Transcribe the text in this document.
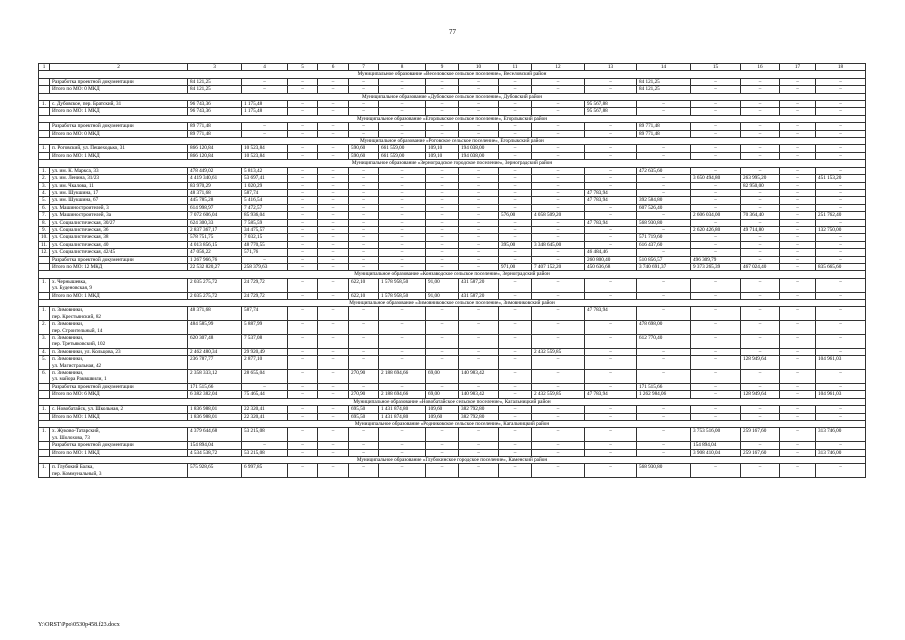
77
1	2	3	4	5	6	7	8	9	10	11	12	13	14	15	16	17	18
Муниципальное образование «Веселовское сельское поселение», Веселовский район																	
	Разработка проектной документации	84 121,25	–	–	–	–	–	–	–	–	–	–	84 121,25	–	–	–	–
	Итого по МО: 0 МКД	84 121,25	–	–	–	–	–	–	–	–	–	–	84 121,25	–	–	–	–
Муниципальное образование «Дубовское сельское поселение», Дубовский район																	
1.	с. Дубовское, пер. Братский, 31	96 743,36	1 175,48	–	–	–	–	–	–	–	–	95 567,88	–	–	–	–	–
	Итого по МО: 1 МКД	96 743,36	1 175,48	–	–	–	–	–	–	–	–	95 567,88	–	–	–	–	–
Муниципальное образование «Егорлыкское сельское поселение», Егорлыкский район																	
	Разработка проектной документации	89 771,48	–	–	–	–	–	–	–	–	–	–	89 771,48	–	–	–	–
	Итого по МО: 0 МКД	89 771,48	–	–	–	–	–	–	–	–	–	–	89 771,48	–	–	–	–
Муниципальное образование «Роговское сельское поселение», Егорлыкский район																	
1.	п. Роговский, ул. Пешеходько, 31	866 120,84	10 523,84	–	–	590,60	661 559,00	109,10	194 038,00	–	–	–	–	–	–	–	–
	Итого по МО: 1 МКД	866 120,84	10 523,84	–	–	590,60	661 559,00	109,10	194 038,00	–	–	–	–	–	–	–	–
Муниципальное образование «Зерноградское городское поселение», Зерноградский район																	
1.	ул. им. К. Маркса, 33	478 449,02	5 813,42	–	–	–	–	–	–	–	–	–	472 635,60	–	–	–	–
2.	ул. им. Ленина, 31/23	4 419 340,61	53 697,41	–	–	–	–	–	–	–	–	–	–	3 650 494,80	263 995,20	–	451 153,20
3.	ул. им. Чкалова, 11	83 970,29	1 020,29	–	–	–	–	–	–	–	–	–	–	–	82 950,00	–	–
4.	ул. им. Шукшина, 17	48 371,68	587,74	–	–	–	–	–	–	–	–	47 783,94	–	–	–	–	–
5.	ул. им. Шукшина, 67	445 785,28	5 416,54	–	–	–	–	–	–	–	–	47 783,94	392 584,80	–	–	–	–
6.	ул. Машиностроителей, 3	614 998,97	7 472,57	–	–	–	–	–	–	–	–	–	607 526,40	–	–	–	–
7.	ул. Машиностроителей, 3а	7 072 606,04	85 936,04	–	–	–	–	–	–	576,00	4 058 509,20	–	–	2 606 034,00	70 364,40	–	251 762,40
8.	ул. Социалистическая, 30/27	624 300,33	7 585,59	–	–	–	–	–	–	–	–	47 783,94	568 930,80	–	–	–	–
9.	ул. Социалистическая, 36	2 837 367,17	34 475,57	–	–	–	–	–	–	–	–	–	–	2 620 426,80	49 714,80	–	132 750,00
10.	ул. Социалистическая, 38	578 751,75	7 032,15	–	–	–	–	–	–	–	–	–	571 719,60	–	–	–	–
11.	ул. Социалистическая, 40	4 013 856,15	48 770,55	–	–	–	–	–	–	395,00	3 348 645,00	–	616 437,60	–	–	–	–
12.	ул. Социалистическая, 42/45	47 056,22	571,76	–	–	–	–	–	–	–	–	46 484,46	–	–	–	–	–
	Разработка проектной документации	1 267 966,76	–	–	–	–	–	–	–	–	–	260 800,40	510 856,57	496 309,79	–	–	–
	Итого по МО: 12 МКД	22 532 820,27	258 379,63	–	–	–	–	–	–	971,00	7 407 152,20	450 636,68	3 740 691,37	9 373 265,39	467 024,40	–	835 665,60
Муниципальное образование «Конзаводское сельское поселение», Зерноградский район																	
1.	х. Чернышевка,
ул. Буденовская, 9	2 035 275,72	24 729,72	–	–	622,10	1 578 958,50	91,00	431 587,20	–	–	–	–	–	–	–	–
	Итого по МО: 1 МКД	2 035 275,72	24 729,72	–	–	622,10	1 578 958,50	91,00	431 587,20	–	–	–	–	–	–	–	–
Муниципальное образование «Зимовниковское сельское поселение», Зимовниковский район																	
1.	п. Зимовники,
пер. Крестьянский, 82	48 371,68	587,74	–	–	–	–	–	–	–	–	47 783,94	–	–	–	–	–
2.	п. Зимовники,
пер. Строительный, 14	484 585,99	5 887,99	–	–	–	–	–	–	–	–	–	478 698,00	–	–	–	–
3.	п. Зимовники,
пер. Третьяковский, 102	620 307,48	7 537,08	–	–	–	–	–	–	–	–	–	612 770,40	–	–	–	–
4.	п. Зимовники, ул. Кольцова, 23	2 462 480,34	29 920,49	–	–	–	–	–	–	–	2 432 559,85	–	–	–	–	–	–
5.	п. Зимовники,
ул. Магистральная, 42	236 787,77	2 877,10	–	–	–	–	–	–	–	–	–	–	–	128 949,64	–	104 961,03
6.	п. Зимовники,
ул. майора Раквшвили, 1	2 358 333,12	28 655,04	–	–	270,90	2 188 694,66	69,00	140 983,42	–	–	–	–	–	–	–	–
	Разработка проектной документации	171 515,66	–	–	–	–	–	–	–	–	–	–	171 515,66	–	–	–	–
	Итого по МО: 6 МКД	6 382 382,04	75 465,44	–	–	270,90	2 188 694,66	69,00	140 983,42	–	2 432 559,85	47 783,94	1 262 984,06	–	128 949,64	–	104 961,03
Муниципальное образование «Новобатайское сельское поселение», Кагальницкий район																	
1.	с. Новобатайск, ул. Школьная, 2	1 836 988,01	22 320,41	–	–	695,50	1 431 874,80	109,60	382 792,80	–	–	–	–	–	–	–	–
	Итого по МО: 1 МКД	1 836 988,01	22 320,41	–	–	695,50	1 431 874,80	109,60	382 792,80	–	–	–	–	–	–	–	–
Муниципальное образование «Родниковское сельское поселение», Кагальницкий район																	
1.	х. Жуково-Татарский,
ул. Шолохова, 73	4 379 644,68	53 215,08	–	–	–	–	–	–	–	–	–	–	3 753 516,00	259 167,60	–	313 746,00
	Разработка проектной документации	154 894,04	–	–	–	–	–	–	–	–	–	–	–	154 894,04	–	–	–
	Итого по МО: 1 МКД	4 534 538,72	53 215,08	–	–	–	–	–	–	–	–	–	–	3 908 410,04	259 167,60	–	313 746,00
Муниципальное образование «Глубокинское городское поселение», Каменский район																	
1.	п. Глубокий Балка,
пер. Коммунальный, 3	575 928,65	6 997,85	–	–	–	–	–	–	–	–	–	568 930,80	–	–	–	–
Y:\ORST\Ppo\0530p458.f23.docx
